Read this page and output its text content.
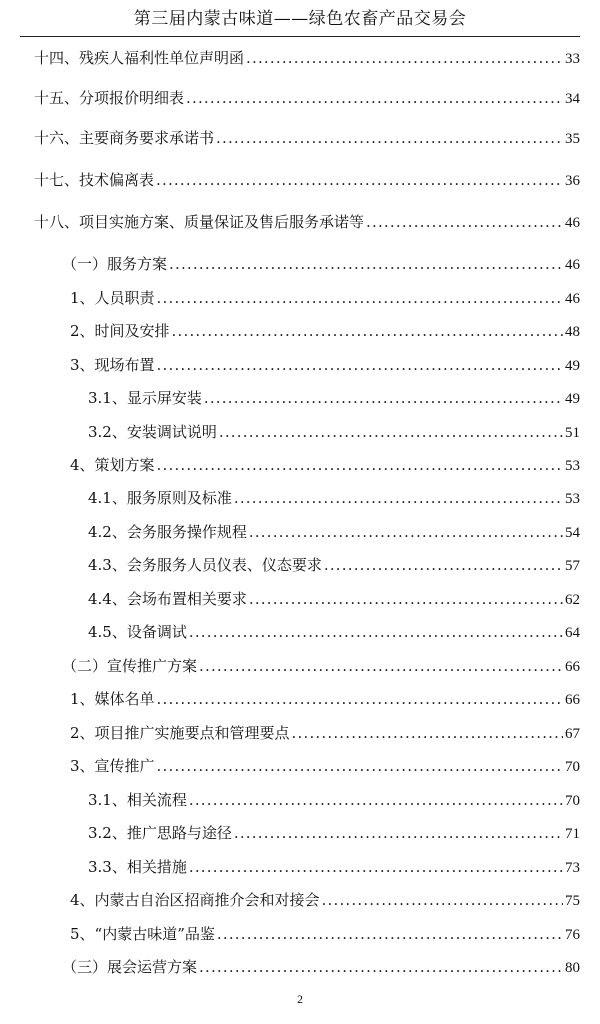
第三届内蒙古味道——绿色农畜产品交易会
十四、残疾人福利性单位声明函 .....	33
十五、分项报价明细表 .....	34
十六、主要商务要求承诺书 .....	35
十七、技术偏离表 .....	36
十八、项目实施方案、质量保证及售后服务承诺等 .....	46
（一）服务方案 .....	46
1、人员职责 .....	46
2、时间及安排 .....	48
3、现场布置 .....	49
3.1、显示屏安装 .....	49
3.2、安装调试说明 .....	51
4、策划方案 .....	53
4.1、服务原则及标准 .....	53
4.2、会务服务操作规程 .....	54
4.3、会务服务人员仪表、仪态要求 .....	57
4.4、会场布置相关要求 .....	62
4.5、设备调试 .....	64
（二）宣传推广方案 .....	66
1、媒体名单 .....	66
2、项目推广实施要点和管理要点 .....	67
3、宣传推广 .....	70
3.1、相关流程 .....	70
3.2、推广思路与途径 .....	71
3.3、相关措施 .....	73
4、内蒙古自治区招商推介会和对接会 .....	75
5、“内蒙古味道”品鉴 .....	76
（三）展会运营方案 .....	80
2
